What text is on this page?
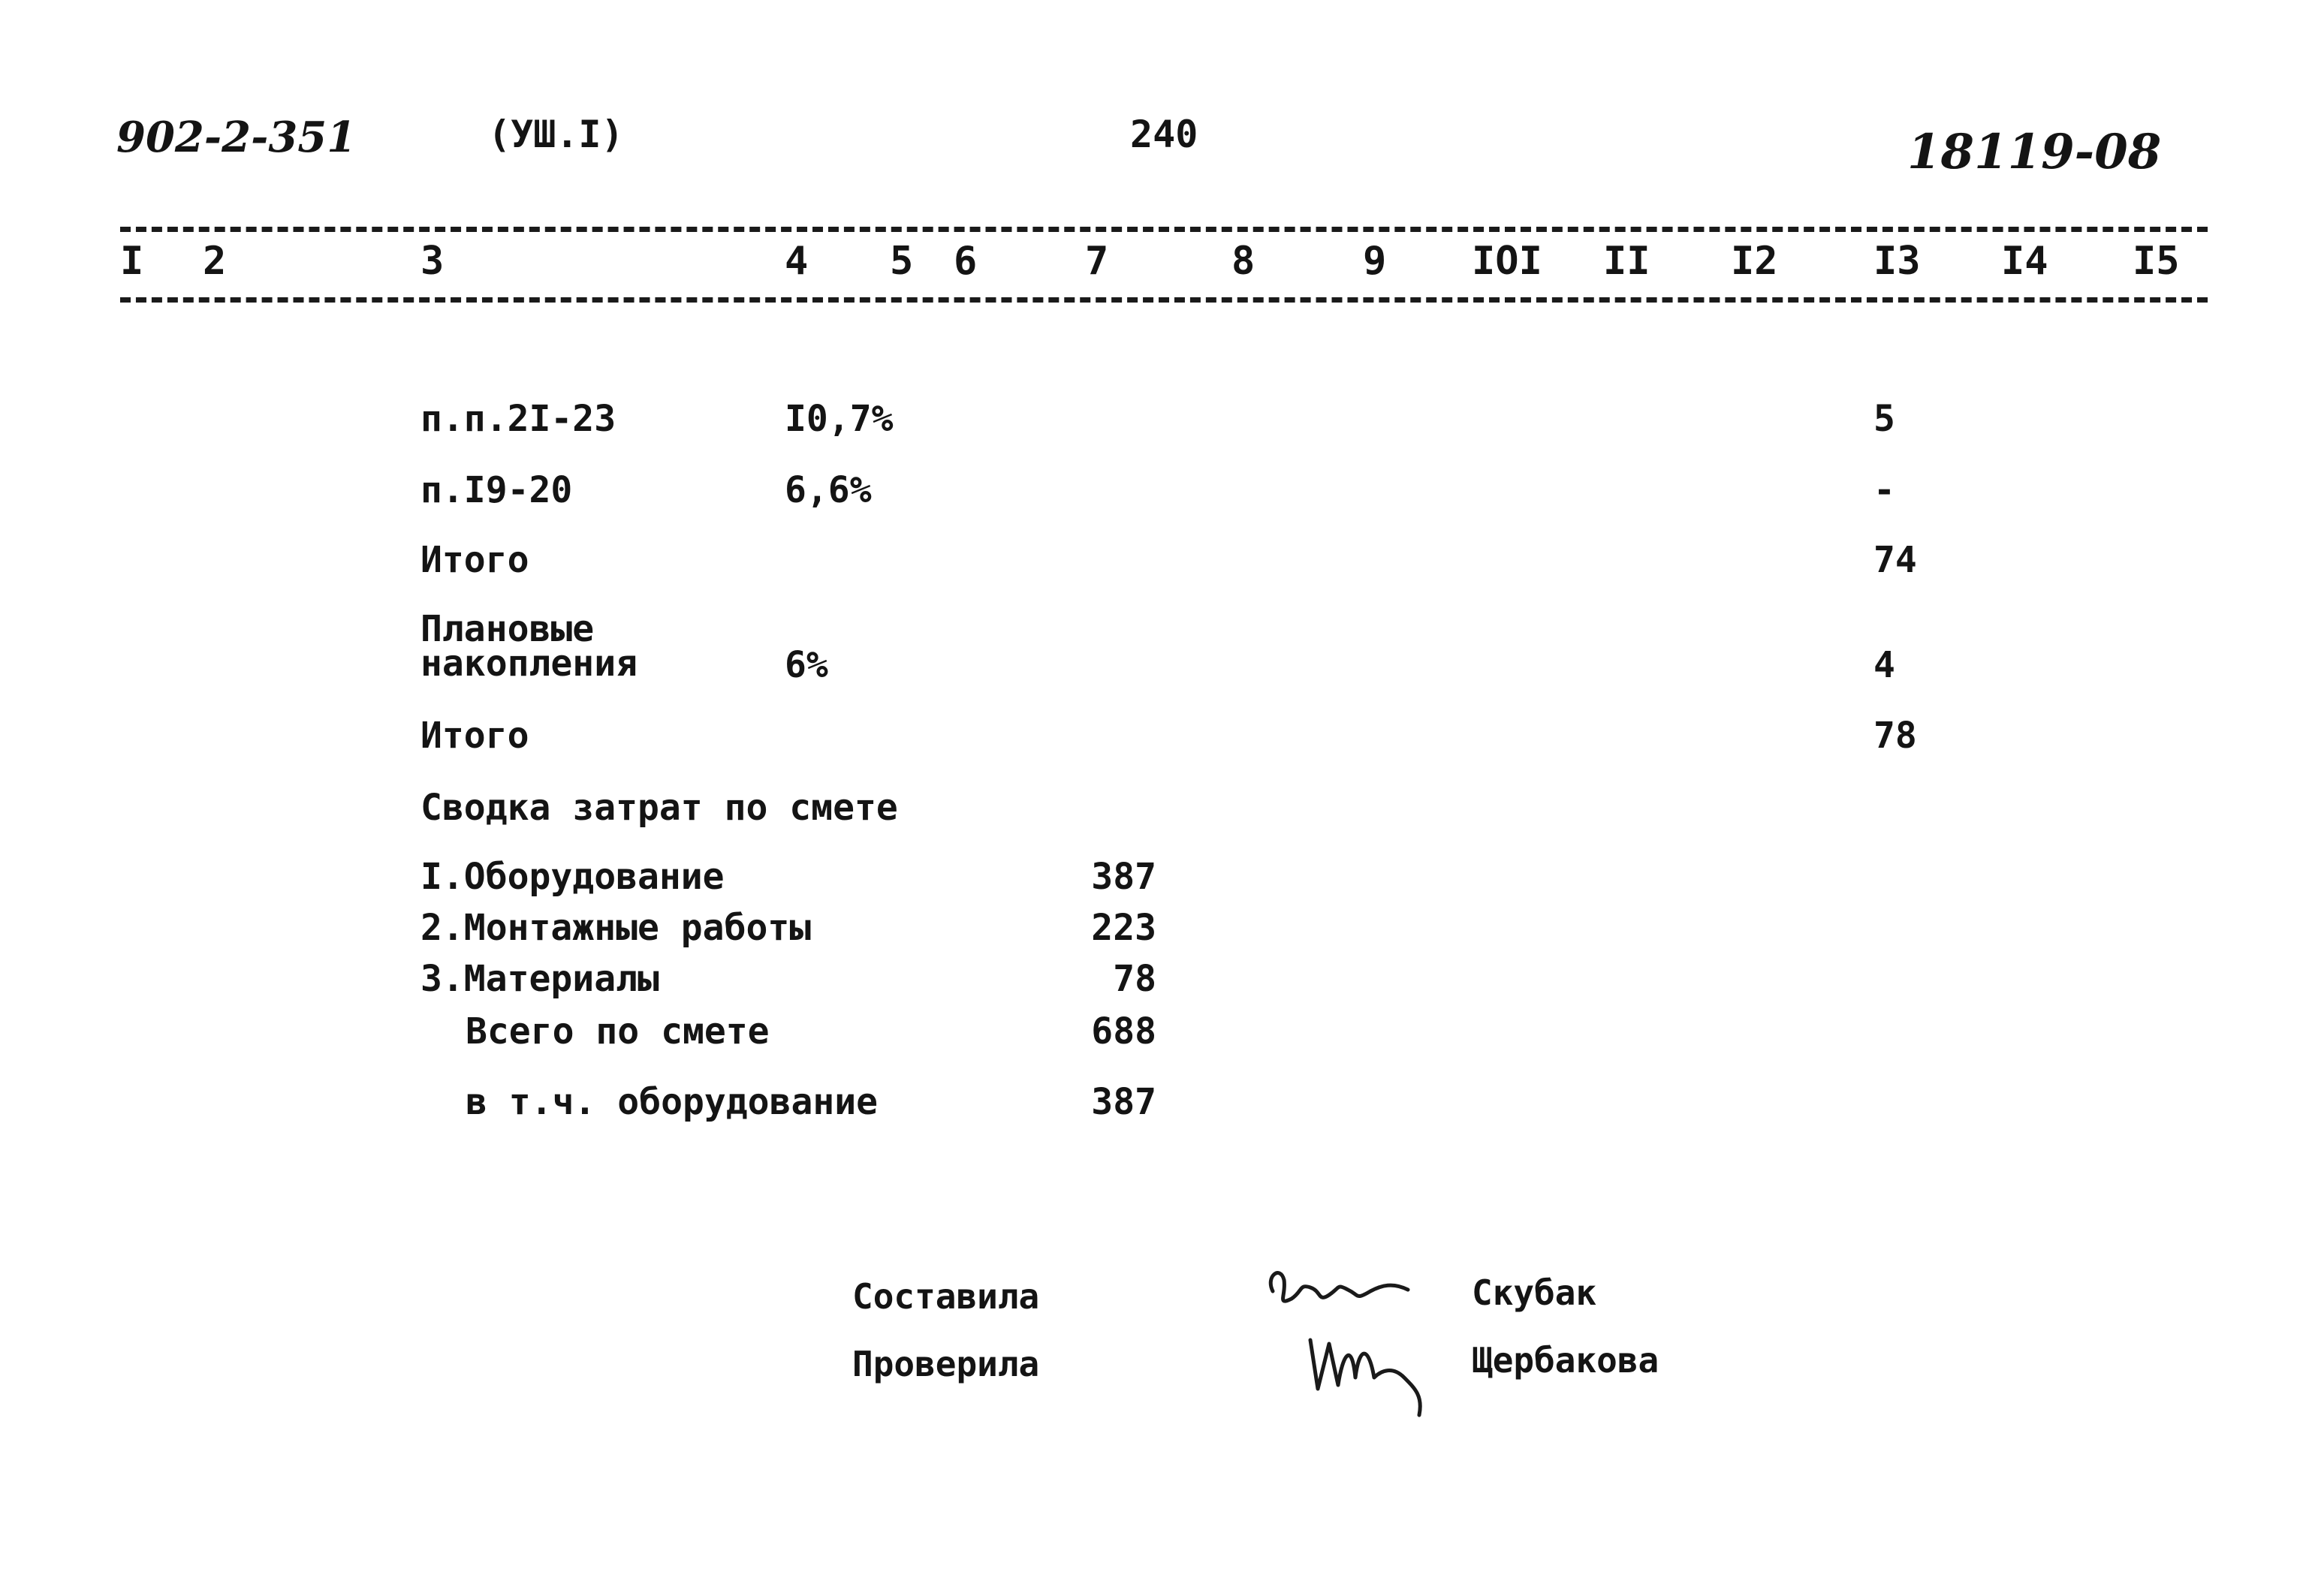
902-2-351	(УШ.I)	240	18119-08
I 2	3	4 5 6	7	8	9 IOI II I2 I3 I4 I5
п.п.2I-23	I0,7%	5
п.I9-20	6,6%	-
Итого	74
Плановые
накопления	6%	4
Итого	78
Сводка затрат по смете
I.Оборудование	387
2.Монтажные работы	223
3.Материалы	78
Всего по смете	688
в т.ч. оборудование	387
Составила	Скубак
Проверила	Щербакова
